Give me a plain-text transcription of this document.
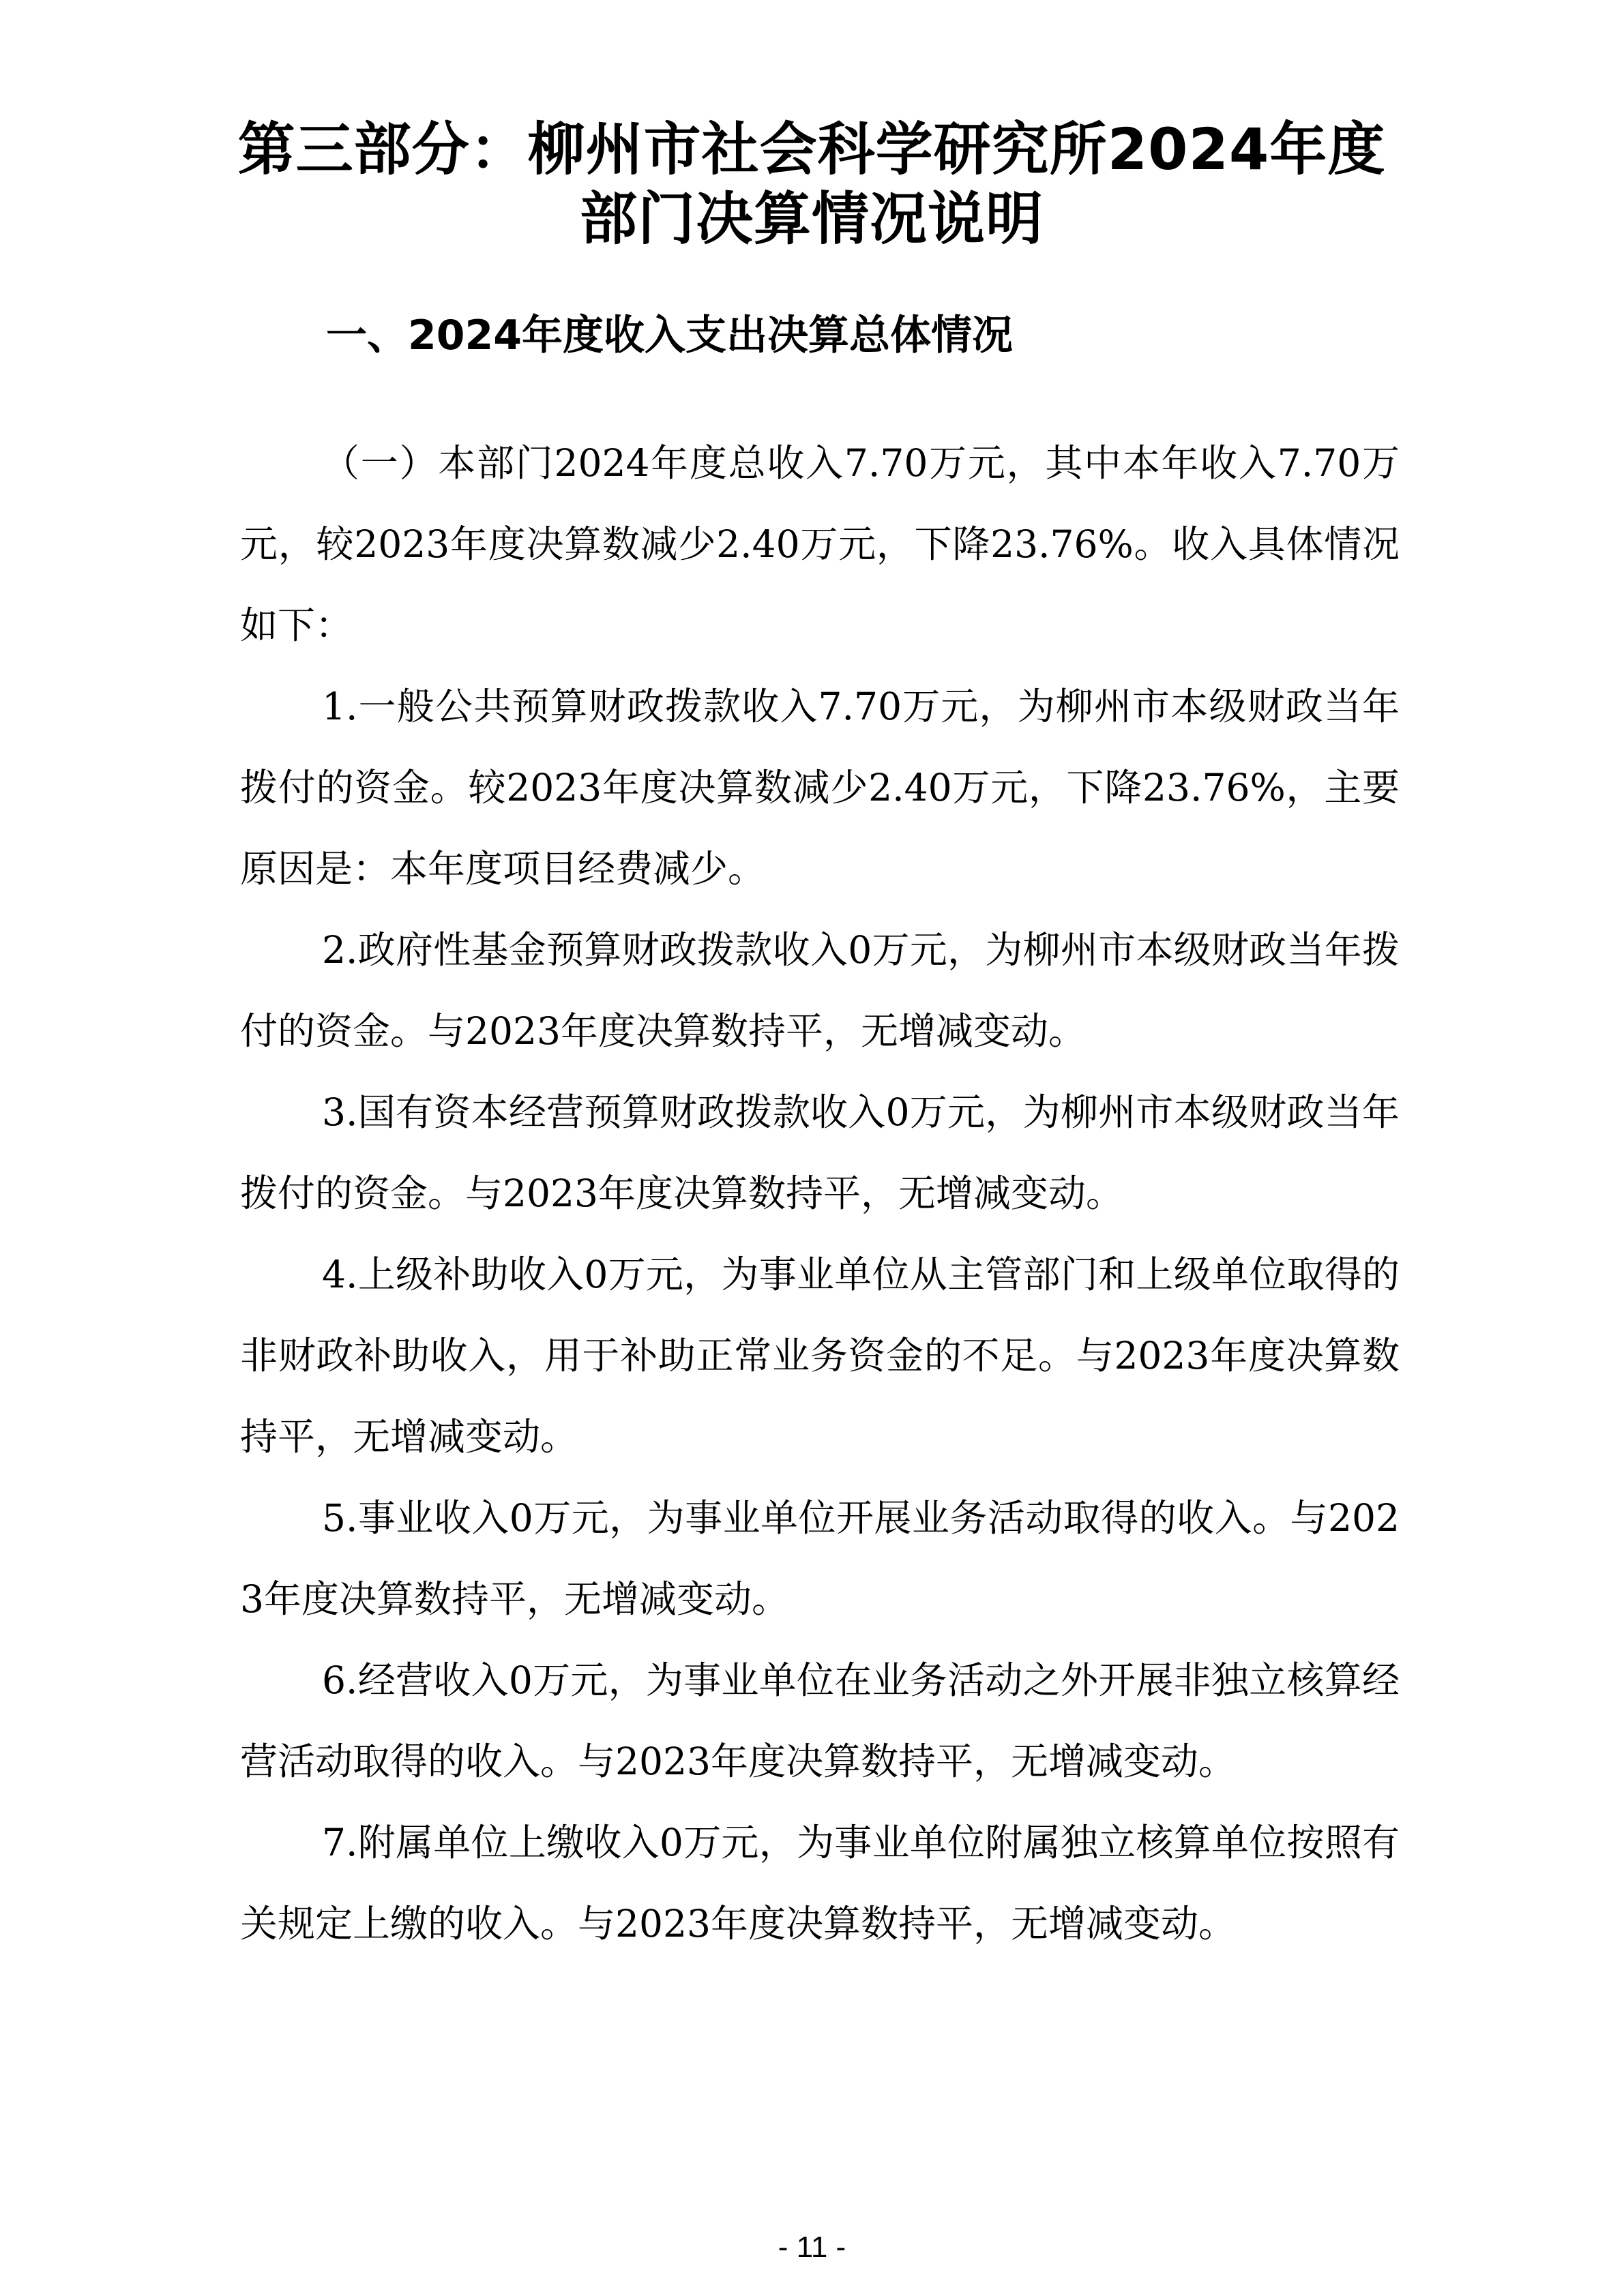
第三部分：柳州市社会科学研究所2024年度
部门决算情况说明
一、2024年度收入支出决算总体情况

（一）本部门2024年度总收入7.70万元，其中本年收入7.70万元，较2023年度决算数减少2.40万元，下降23.76%。收入具体情况如下：

1.一般公共预算财政拨款收入7.70万元，为柳州市本级财政当年拨付的资金。较2023年度决算数减少2.40万元，下降23.76%，主要原因是：本年度项目经费减少。

2.政府性基金预算财政拨款收入0万元，为柳州市本级财政当年拨付的资金。与2023年度决算数持平，无增减变动。

3.国有资本经营预算财政拨款收入0万元，为柳州市本级财政当年拨付的资金。与2023年度决算数持平，无增减变动。

4.上级补助收入0万元，为事业单位从主管部门和上级单位取得的非财政补助收入，用于补助正常业务资金的不足。与2023年度决算数持平，无增减变动。

5.事业收入0万元，为事业单位开展业务活动取得的收入。与2023年度决算数持平，无增减变动。

6.经营收入0万元，为事业单位在业务活动之外开展非独立核算经营活动取得的收入。与2023年度决算数持平，无增减变动。

7.附属单位上缴收入0万元，为事业单位附属独立核算单位按照有关规定上缴的收入。与2023年度决算数持平，无增减变动。

- 11 -
